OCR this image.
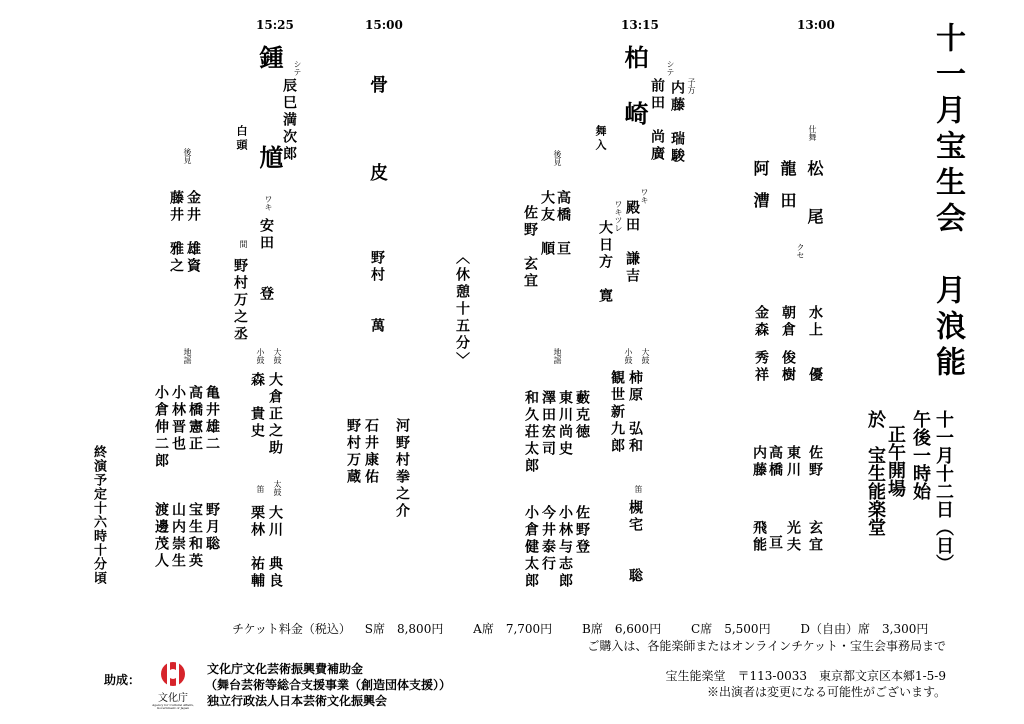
15:25	15:00	13:15	13:00	十一月宝生会　月浪能
十一月十二日（日）
午後一時始
正午開場
於　宝生能楽堂
仕舞
松　　尾
水上
　優
龍　田
クセ
朝倉
俊樹
阿　漕
金森
秀祥
佐野
玄宜
東川
光夫
高橋
亘
内藤
飛能
柏　崎
舞入
子方
内藤　瑞駿
シテ
前田　尚廣
ワキ
殿田　謙吉
ワキツレ
大日方　寛
後見
高橋　亘
大友　順
佐野　玄宜
大鼓
柿原　弘和
小鼓
観世新九郎
笛
槻宅　　聡
地謡
藪克徳
東川尚史
澤田宏司
和久荘太郎
佐野登
小林与志郎
今井泰行
小倉健太郎
〈休憩十五分〉
骨　皮
野村　　萬
河野村拳之介
石井康佑
野村万蔵
鍾　馗
白頭
シテ
辰巳満次郎
ワキ
安田　　登
間
野村万之丞
後見
金井　雄資
藤井　雅之
大鼓
大倉正之助
小鼓
森　貴史
太鼓
大川　典良
笛
栗林　祐輔
地謡
亀井雄二
高橋憲正
小林晋也
小倉伸二郎
野月聡
宝生和英
山内崇生
渡邊茂人
終演予定十六時十分頃
チケット料金（税込） S席　8,800円 A席　7,700円 B席　6,600円 C席　5,500円 D（自由）席　3,300円
ご購入は、各能楽師またはオンラインチケット・宝生会事務局まで
助成：
文化庁
Agency for Cultural Affairs, Government of Japan
文化庁文化芸術振興費補助金
（舞台芸術等総合支援事業（創造団体支援））
独立行政法人日本芸術文化振興会
宝生能楽堂　〒113-0033　東京都文京区本郷1-5-9
※出演者は変更になる可能性がございます。
